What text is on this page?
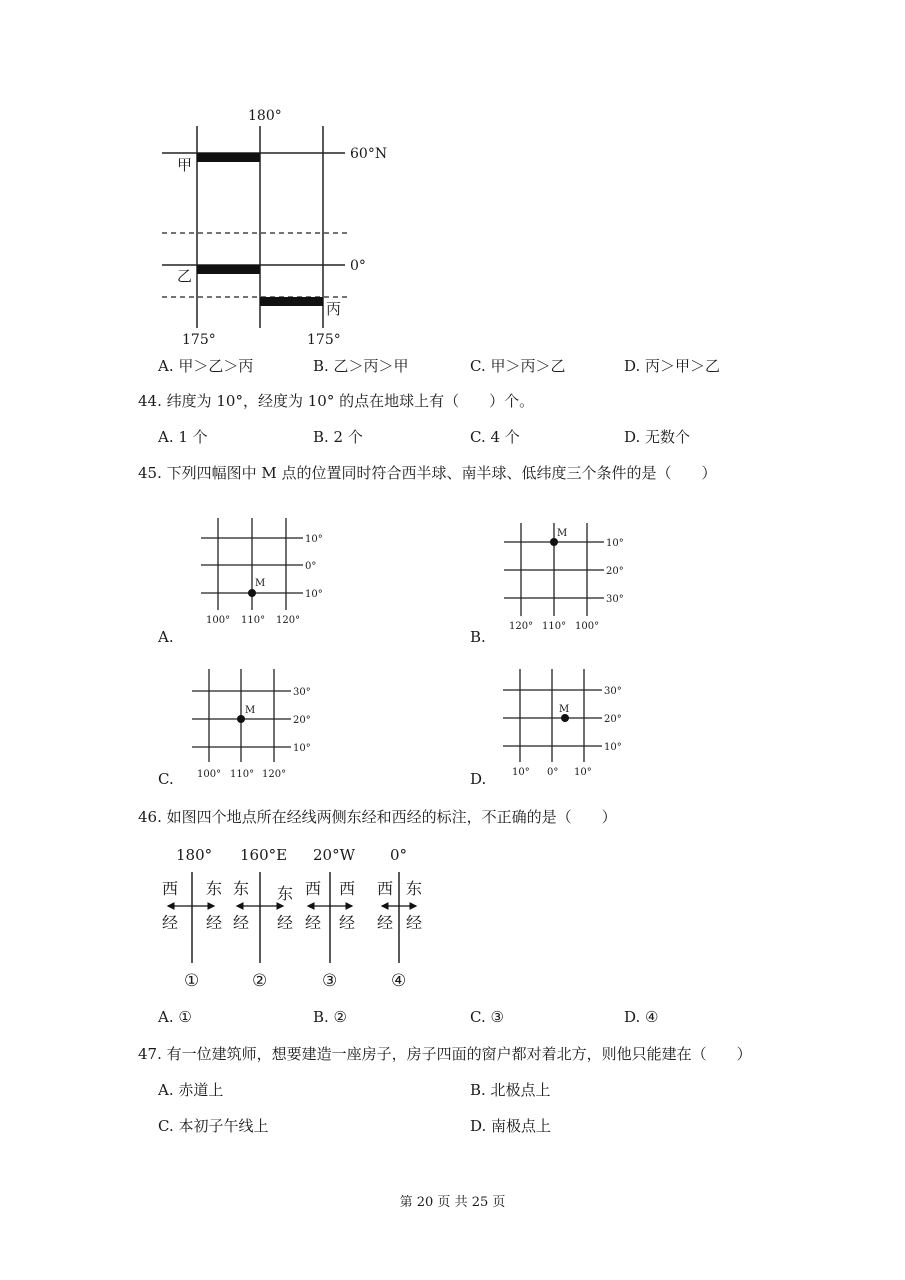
180°
60°N
0°
甲
乙
丙
175°	175°
A. 甲＞乙＞丙	B. 乙＞丙＞甲	C. 甲＞丙＞乙	D. 丙＞甲＞乙
44. 纬度为 10°，经度为 10° 的点在地球上有（　　）个。
A. 1 个	B. 2 个	C. 4 个	D. 无数个
45. 下列四幅图中 M 点的位置同时符合西半球、南半球、低纬度三个条件的是（　　）
M
10°
0°
10°
100° 110° 120°
A.
M
10°
20°
30°
120° 110° 100°
B.
M
30°
20°
10°
100° 110° 120°
C.
M
30°
20°
10°
10° 0° 10°
D.
46. 如图四个地点所在经线两侧东经和西经的标注，不正确的是（　　）
180°
西
经
东
经
①
160°E
东
经
东
经
②
20°W
西
经
西
经
③
0°
西
经
东
经
④
A. ①	B. ②	C. ③	D. ④
47. 有一位建筑师，想要建造一座房子，房子四面的窗户都对着北方，则他只能建在（　　）
A. 赤道上	B. 北极点上
C. 本初子午线上	D. 南极点上
第 20 页 共 25 页
